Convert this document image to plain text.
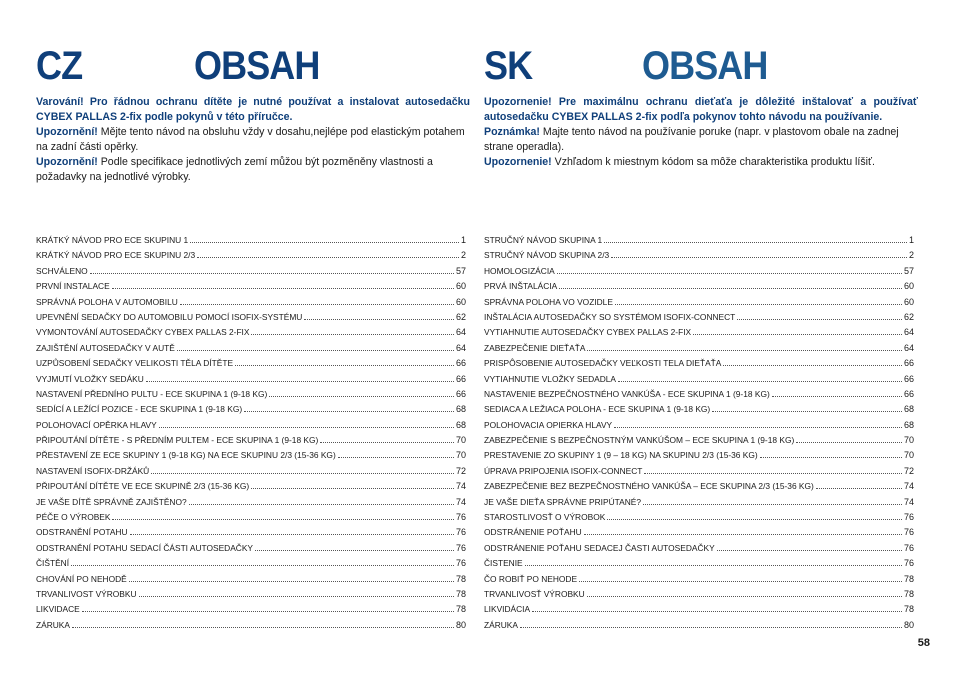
CZ	OBSAH

Varování! Pro řádnou ochranu dítěte je nutné používat a instalovat autosedačku CYBEX PALLAS 2-fix podle pokynů v této příručce.

Upozornění! Mějte tento návod na obsluhu vždy v dosahu,nejlépe pod elastickým potahem na zadní části opěrky.

Upozornění! Podle specifikace jednotlivých zemí můžou být pozměněny vlastnosti a požadavky na jednotlivé výrobky.

KRÁTKÝ NÁVOD PRO ECE SKUPINU 1	1
KRÁTKÝ NÁVOD PRO ECE SKUPINU 2/3	2
SCHVÁLENO	57
PRVNÍ INSTALACE	60
SPRÁVNÁ POLOHA V AUTOMOBILU	60
UPEVNĚNÍ SEDAČKY DO AUTOMOBILU POMOCÍ ISOFIX-SYSTÉMU	62
VYMONTOVÁNÍ AUTOSEDAČKY CYBEX PALLAS 2-FIX	64
ZAJIŠTĚNÍ AUTOSEDAČKY V AUTĚ	64
UZPŮSOBENÍ SEDAČKY VELIKOSTI TĚLA DÍTĚTE	66
VYJMUTÍ VLOŽKY SEDÁKU	66
NASTAVENÍ PŘEDNÍHO PULTU - ECE SKUPINA 1 (9-18 KG)	66
SEDÍCÍ A LEŽÍCÍ POZICE - ECE SKUPINA 1 (9-18 KG)	68
POLOHOVACÍ OPĚRKA HLAVY	68
PŘIPOUTÁNÍ DÍTĚTE - S PŘEDNÍM PULTEM - ECE SKUPINA 1 (9-18 KG)	70
PŘESTAVENÍ ZE ECE SKUPINY 1 (9-18 KG) NA ECE SKUPINU 2/3 (15-36 KG)	70
NASTAVENÍ ISOFIX-DRŽÁKŮ	72
PŘIPOUTÁNÍ DÍTĚTE VE ECE SKUPINĚ 2/3 (15-36 KG)	74
JE VAŠE DÍTĚ SPRÁVNĚ ZAJIŠTĚNO?	74
PÉČE O VÝROBEK	76
ODSTRANĚNÍ POTAHU	76
ODSTRANĚNÍ POTAHU SEDACÍ ČÁSTI AUTOSEDAČKY	76
ČIŠTĚNÍ	76
CHOVÁNÍ PO NEHODĚ	78
TRVANLIVOST VÝROBKU	78
LIKVIDACE	78
ZÁRUKA	80
SK	OBSAH

Upozornenie! Pre maximálnu ochranu dieťaťa je dôležité inštalovať a používať autosedačku CYBEX PALLAS 2-fix podľa pokynov tohto návodu na používanie.

Poznámka! Majte tento návod na používanie poruke (napr. v plastovom obale na zadnej strane operadla).

Upozornenie! Vzhľadom k miestnym kódom sa môže charakteristika produktu líšiť.

STRUČNÝ NÁVOD SKUPINA 1	1
STRUČNÝ NÁVOD SKUPINA 2/3	2
HOMOLOGIZÁCIA	57
PRVÁ INŠTALÁCIA	60
SPRÁVNA POLOHA VO VOZIDLE	60
INŠTALÁCIA AUTOSEDAČKY SO SYSTÉMOM ISOFIX-CONNECT	62
VYTIAHNUTIE AUTOSEDAČKY CYBEX PALLAS 2-FIX	64
ZABEZPEČENIE DIEŤAŤA	64
PRISPÔSOBENIE AUTOSEDAČKY VEĽKOSTI TELA DIEŤAŤA	66
VYTIAHNUTIE VLOŽKY SEDADLA	66
NASTAVENIE BEZPEČNOSTNÉHO VANKÚŠA - ECE SKUPINA 1 (9-18 KG)	66
SEDIACA A LEŽIACA POLOHA - ECE SKUPINA 1 (9-18 KG)	68
POLOHOVACIA OPIERKA HLAVY	68
ZABEZPEČENIE S BEZPEČNOSTNÝM VANKÚŠOM – ECE SKUPINA 1 (9-18 KG)	70
PRESTAVENIE ZO SKUPINY 1 (9 – 18 KG) NA SKUPINU 2/3 (15-36 KG)	70
ÚPRAVA PRIPOJENIA ISOFIX-CONNECT	72
ZABEZPEČENIE BEZ BEZPEČNOSTNÉHO VANKÚŠA – ECE SKUPINA 2/3 (15-36 KG)	74
JE VAŠE DIEŤA SPRÁVNE PRIPÚTANÉ?	74
STAROSTLIVOSŤ O VÝROBOK	76
ODSTRÁNENIE POŤAHU	76
ODSTRÁNENIE POŤAHU SEDACEJ ČASTI AUTOSEDAČKY	76
ČISTENIE	76
ČO ROBIŤ PO NEHODE	78
TRVANLIVOSŤ VÝROBKU	78
LIKVIDÁCIA	78
ZÁRUKA	80
58
